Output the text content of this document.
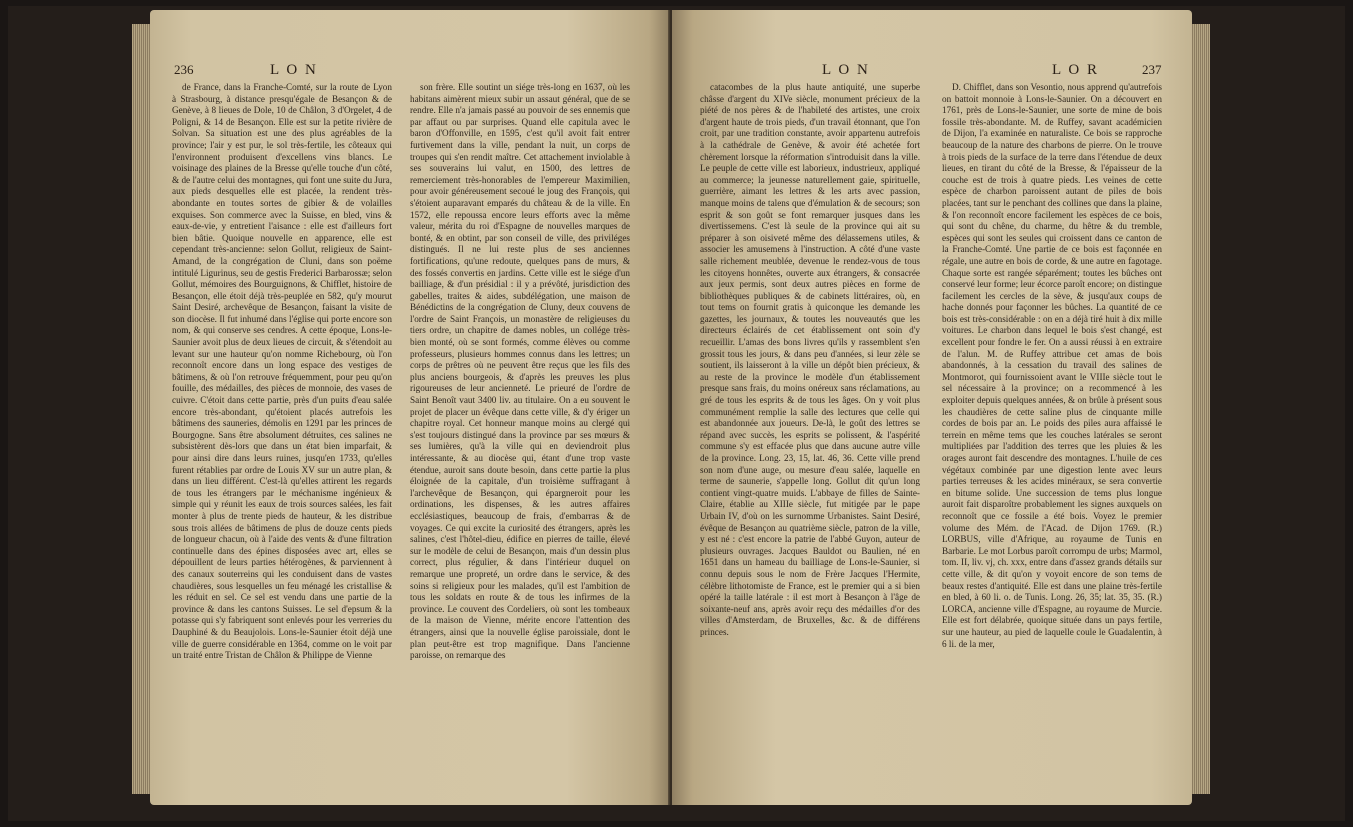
236	L O N

de France, dans la Franche-Comté, sur la route de Lyon à Strasbourg, à distance presqu'égale de Besançon & de Genève, à 8 lieues de Dole, 10 de Châlon, 3 d'Orgelet, 4 de Poligni, & 14 de Besançon. Elle est sur la petite rivière de Solvan. Sa situation est une des plus agréables de la province; l'air y est pur, le sol très-fertile, les côteaux qui l'environnent produisent d'excellens vins blancs. Le voisinage des plaines de la Bresse qu'elle touche d'un côté, & de l'autre celui des montagnes, qui font une suite du Jura, aux pieds desquelles elle est placée, la rendent très-abondante en toutes sortes de gibier & de volailles exquises. Son commerce avec la Suisse, en bled, vins & eaux-de-vie, y entretient l'aisance : elle est d'ailleurs fort bien bâtie. Quoique nouvelle en apparence, elle est cependant très-ancienne: selon Gollut, religieux de Saint-Amand, de la congrégation de Cluni, dans son poëme intitulé Ligurinus, seu de gestis Frederici Barbarossæ; selon Gollut, mémoires des Bourguignons, & Chifflet, histoire de Besançon, elle étoit déjà très-peuplée en 582, qu'y mourut Saint Desiré, archevêque de Besançon, faisant la visite de son diocèse. Il fut inhumé dans l'église qui porte encore son nom, & qui conserve ses cendres. A cette époque, Lons-le-Saunier avoit plus de deux lieues de circuit, & s'étendoit au levant sur une hauteur qu'on nomme Richebourg, où l'on reconnoît encore dans un long espace des vestiges de bâtimens, & où l'on retrouve fréquemment, pour peu qu'on fouille, des médailles, des pièces de monnoie, des vases de cuivre. C'étoit dans cette partie, près d'un puits d'eau salée encore très-abondant, qu'étoient placés autrefois les bâtimens des sauneries, démolis en 1291 par les princes de Bourgogne. Sans être absolument détruites, ces salines ne subsistèrent dès-lors que dans un état bien imparfait, & pour ainsi dire dans leurs ruines, jusqu'en 1733, qu'elles furent rétablies par ordre de Louis XV sur un autre plan, & dans un lieu différent. C'est-là qu'elles attirent les regards de tous les étrangers par le méchanisme ingénieux & simple qui y réunit les eaux de trois sources salées, les fait monter à plus de trente pieds de hauteur, & les distribue sous trois allées de bâtimens de plus de douze cents pieds de longueur chacun, où à l'aide des vents & d'une filtration continuelle dans des épines disposées avec art, elles se dépouillent de leurs parties hétérogènes, & parviennent à des canaux souterreins qui les conduisent dans de vastes chaudières, sous lesquelles un feu ménagé les cristallise & les réduit en sel. Ce sel est vendu dans une partie de la province & dans les cantons Suisses. Le sel d'epsum & la potasse qui s'y fabriquent sont enlevés pour les verreries du Dauphiné & du Beaujolois. Lons-le-Saunier étoit déjà une ville de guerre considérable en 1364, comme on le voit par un traité entre Tristan de Châlon & Philippe de Vienne

son frère. Elle soutint un siége très-long en 1637, où les habitans aimèrent mieux subir un assaut général, que de se rendre. Elle n'a jamais passé au pouvoir de ses ennemis que par affaut ou par surprises. Quand elle capitula avec le baron d'Offonville, en 1595, c'est qu'il avoit fait entrer furtivement dans la ville, pendant la nuit, un corps de troupes qui s'en rendit maître. Cet attachement inviolable à ses souverains lui valut, en 1500, des lettres de remerciement très-honorables de l'empereur Maximilien, pour avoir généreusement secoué le joug des François, qui s'étoient auparavant emparés du château & de la ville. En 1572, elle repoussa encore leurs efforts avec la même valeur, mérita du roi d'Espagne de nouvelles marques de bonté, & en obtint, par son conseil de ville, des priviléges distingués. Il ne lui reste plus de ses anciennes fortifications, qu'une redoute, quelques pans de murs, & des fossés convertis en jardins. Cette ville est le siége d'un bailliage, & d'un présidial : il y a prévôté, jurisdiction des gabelles, traites & aides, subdélégation, une maison de Bénédictins de la congrégation de Cluny, deux couvens de l'ordre de Saint François, un monastère de religieuses du tiers ordre, un chapitre de dames nobles, un collége très-bien monté, où se sont formés, comme élèves ou comme professeurs, plusieurs hommes connus dans les lettres; un corps de prêtres où ne peuvent être reçus que les fils des plus anciens bourgeois, & d'après les preuves les plus rigoureuses de leur ancienneté. Le prieuré de l'ordre de Saint Benoît vaut 3400 liv. au titulaire. On a eu souvent le projet de placer un évêque dans cette ville, & d'y ériger un chapitre royal. Cet honneur manque moins au clergé qui s'est toujours distingué dans la province par ses mœurs & ses lumières, qu'à la ville qui en deviendroit plus intéressante, & au diocèse qui, étant d'une trop vaste étendue, auroit sans doute besoin, dans cette partie la plus éloignée de la capitale, d'un troisième suffragant à l'archevêque de Besançon, qui épargneroit pour les ordinations, les dispenses, & les autres affaires ecclésiastiques, beaucoup de frais, d'embarras & de voyages. Ce qui excite la curiosité des étrangers, après les salines, c'est l'hôtel-dieu, édifice en pierres de taille, élevé sur le modèle de celui de Besançon, mais d'un dessin plus correct, plus régulier, & dans l'intérieur duquel on remarque une propreté, un ordre dans le service, & des soins si religieux pour les malades, qu'il est l'ambition de tous les soldats en route & de tous les infirmes de la province. Le couvent des Cordeliers, où sont les tombeaux de la maison de Vienne, mérite encore l'attention des étrangers, ainsi que la nouvelle église paroissiale, dont le plan peut-être est trop magnifique. Dans l'ancienne paroisse, on remarque des

L O N	L O R	237

catacombes de la plus haute antiquité, une superbe châsse d'argent du XIVe siècle, monument précieux de la piété de nos pères & de l'habileté des artistes, une croix d'argent haute de trois pieds, d'un travail étonnant, que l'on croit, par une tradition constante, avoir appartenu autrefois à la cathédrale de Genève, & avoir été achetée fort chèrement lorsque la réformation s'introduisit dans la ville. Le peuple de cette ville est laborieux, industrieux, appliqué au commerce; la jeunesse naturellement gaie, spirituelle, guerrière, aimant les lettres & les arts avec passion, manque moins de talens que d'émulation & de secours; son esprit & son goût se font remarquer jusques dans les divertissemens. C'est là seule de la province qui ait su préparer à son oisiveté même des délassemens utiles, & associer les amusemens à l'instruction. A côté d'une vaste salle richement meublée, devenue le rendez-vous de tous les citoyens honnêtes, ouverte aux étrangers, & consacrée aux jeux permis, sont deux autres pièces en forme de bibliothèques publiques & de cabinets littéraires, où, en tout tems on fournit gratis à quiconque les demande les gazettes, les journaux, & toutes les nouveautés que les directeurs éclairés de cet établissement ont soin d'y recueillir. L'amas des bons livres qu'ils y rassemblent s'en grossit tous les jours, & dans peu d'années, si leur zèle se soutient, ils laisseront à la ville un dépôt bien précieux, & au reste de la province le modèle d'un établissement presque sans frais, du moins onéreux sans réclamations, au gré de tous les esprits & de tous les âges. On y voit plus communément remplie la salle des lectures que celle qui est abandonnée aux joueurs. De-là, le goût des lettres se répand avec succès, les esprits se polissent, & l'aspérité commune s'y est effacée plus que dans aucune autre ville de la province. Long. 23, 15, lat. 46, 36. Cette ville prend son nom d'une auge, ou mesure d'eau salée, laquelle en terme de saunerie, s'appelle long. Gollut dit qu'un long contient vingt-quatre muids. L'abbaye de filles de Sainte-Claire, établie au XIIIe siècle, fut mitigée par le pape Urbain IV, d'où on les surnomme Urbanistes. Saint Desiré, évêque de Besançon au quatrième siècle, patron de la ville, y est né : c'est encore la patrie de l'abbé Guyon, auteur de plusieurs ouvrages. Jacques Bauldot ou Baulien, né en 1651 dans un hameau du bailliage de Lons-le-Saunier, si connu depuis sous le nom de Frère Jacques l'Hermite, célèbre lithotomiste de France, est le premier qui a si bien opéré la taille latérale : il est mort à Besançon à l'âge de soixante-neuf ans, après avoir reçu des médailles d'or des villes d'Amsterdam, de Bruxelles, &c. & de différens princes.

D. Chifflet, dans son Vesontio, nous apprend qu'autrefois on battoit monnoie à Lons-le-Saunier. On a découvert en 1761, près de Lons-le-Saunier, une sorte de mine de bois fossile très-abondante. M. de Ruffey, savant académicien de Dijon, l'a examinée en naturaliste. Ce bois se rapproche beaucoup de la nature des charbons de pierre. On le trouve à trois pieds de la surface de la terre dans l'étendue de deux lieues, en tirant du côté de la Bresse, & l'épaisseur de la couche est de trois à quatre pieds. Les veines de cette espèce de charbon paroissent autant de piles de bois placées, tant sur le penchant des collines que dans la plaine, & l'on reconnoît encore facilement les espèces de ce bois, qui sont du chêne, du charme, du hêtre & du tremble, espèces qui sont les seules qui croissent dans ce canton de la Franche-Comté. Une partie de ce bois est façonnée en régale, une autre en bois de corde, & une autre en fagotage. Chaque sorte est rangée séparément; toutes les bûches ont conservé leur forme; leur écorce paroît encore; on distingue facilement les cercles de la sève, & jusqu'aux coups de hache donnés pour façonner les bûches. La quantité de ce bois est très-considérable : on en a déjà tiré huit à dix mille voitures. Le charbon dans lequel le bois s'est changé, est excellent pour fondre le fer. On a aussi réussi à en extraire de l'alun. M. de Ruffey attribue cet amas de bois abandonnés, à la cessation du travail des salines de Montmorot, qui fournissoient avant le VIIIe siècle tout le sel nécessaire à la province; on a recommencé à les exploiter depuis quelques années, & on brûle à présent sous les chaudières de cette saline plus de cinquante mille cordes de bois par an. Le poids des piles aura affaissé le terrein en même tems que les couches latérales se seront multipliées par l'addition des terres que les pluies & les orages auront fait descendre des montagnes. L'huile de ces végétaux combinée par une digestion lente avec leurs parties terreuses & les acides minéraux, se sera convertie en bitume solide. Une succession de tems plus longue auroit fait disparoître probablement les signes auxquels on reconnoît que ce fossile a été bois. Voyez le premier volume des Mém. de l'Acad. de Dijon 1769. (R.) LORBUS, ville d'Afrique, au royaume de Tunis en Barbarie. Le mot Lorbus paroît corrompu de urbs; Marmol, tom. II, liv. vj, ch. xxx, entre dans d'assez grands détails sur cette ville, & dit qu'on y voyoit encore de son tems de beaux restes d'antiquité. Elle est dans une plaine très-fertile en bled, à 60 li. o. de Tunis. Long. 26, 35; lat. 35, 35. (R.) LORCA, ancienne ville d'Espagne, au royaume de Murcie. Elle est fort délabrée, quoique située dans un pays fertile, sur une hauteur, au pied de laquelle coule le Guadalentin, à 6 li. de la mer,
